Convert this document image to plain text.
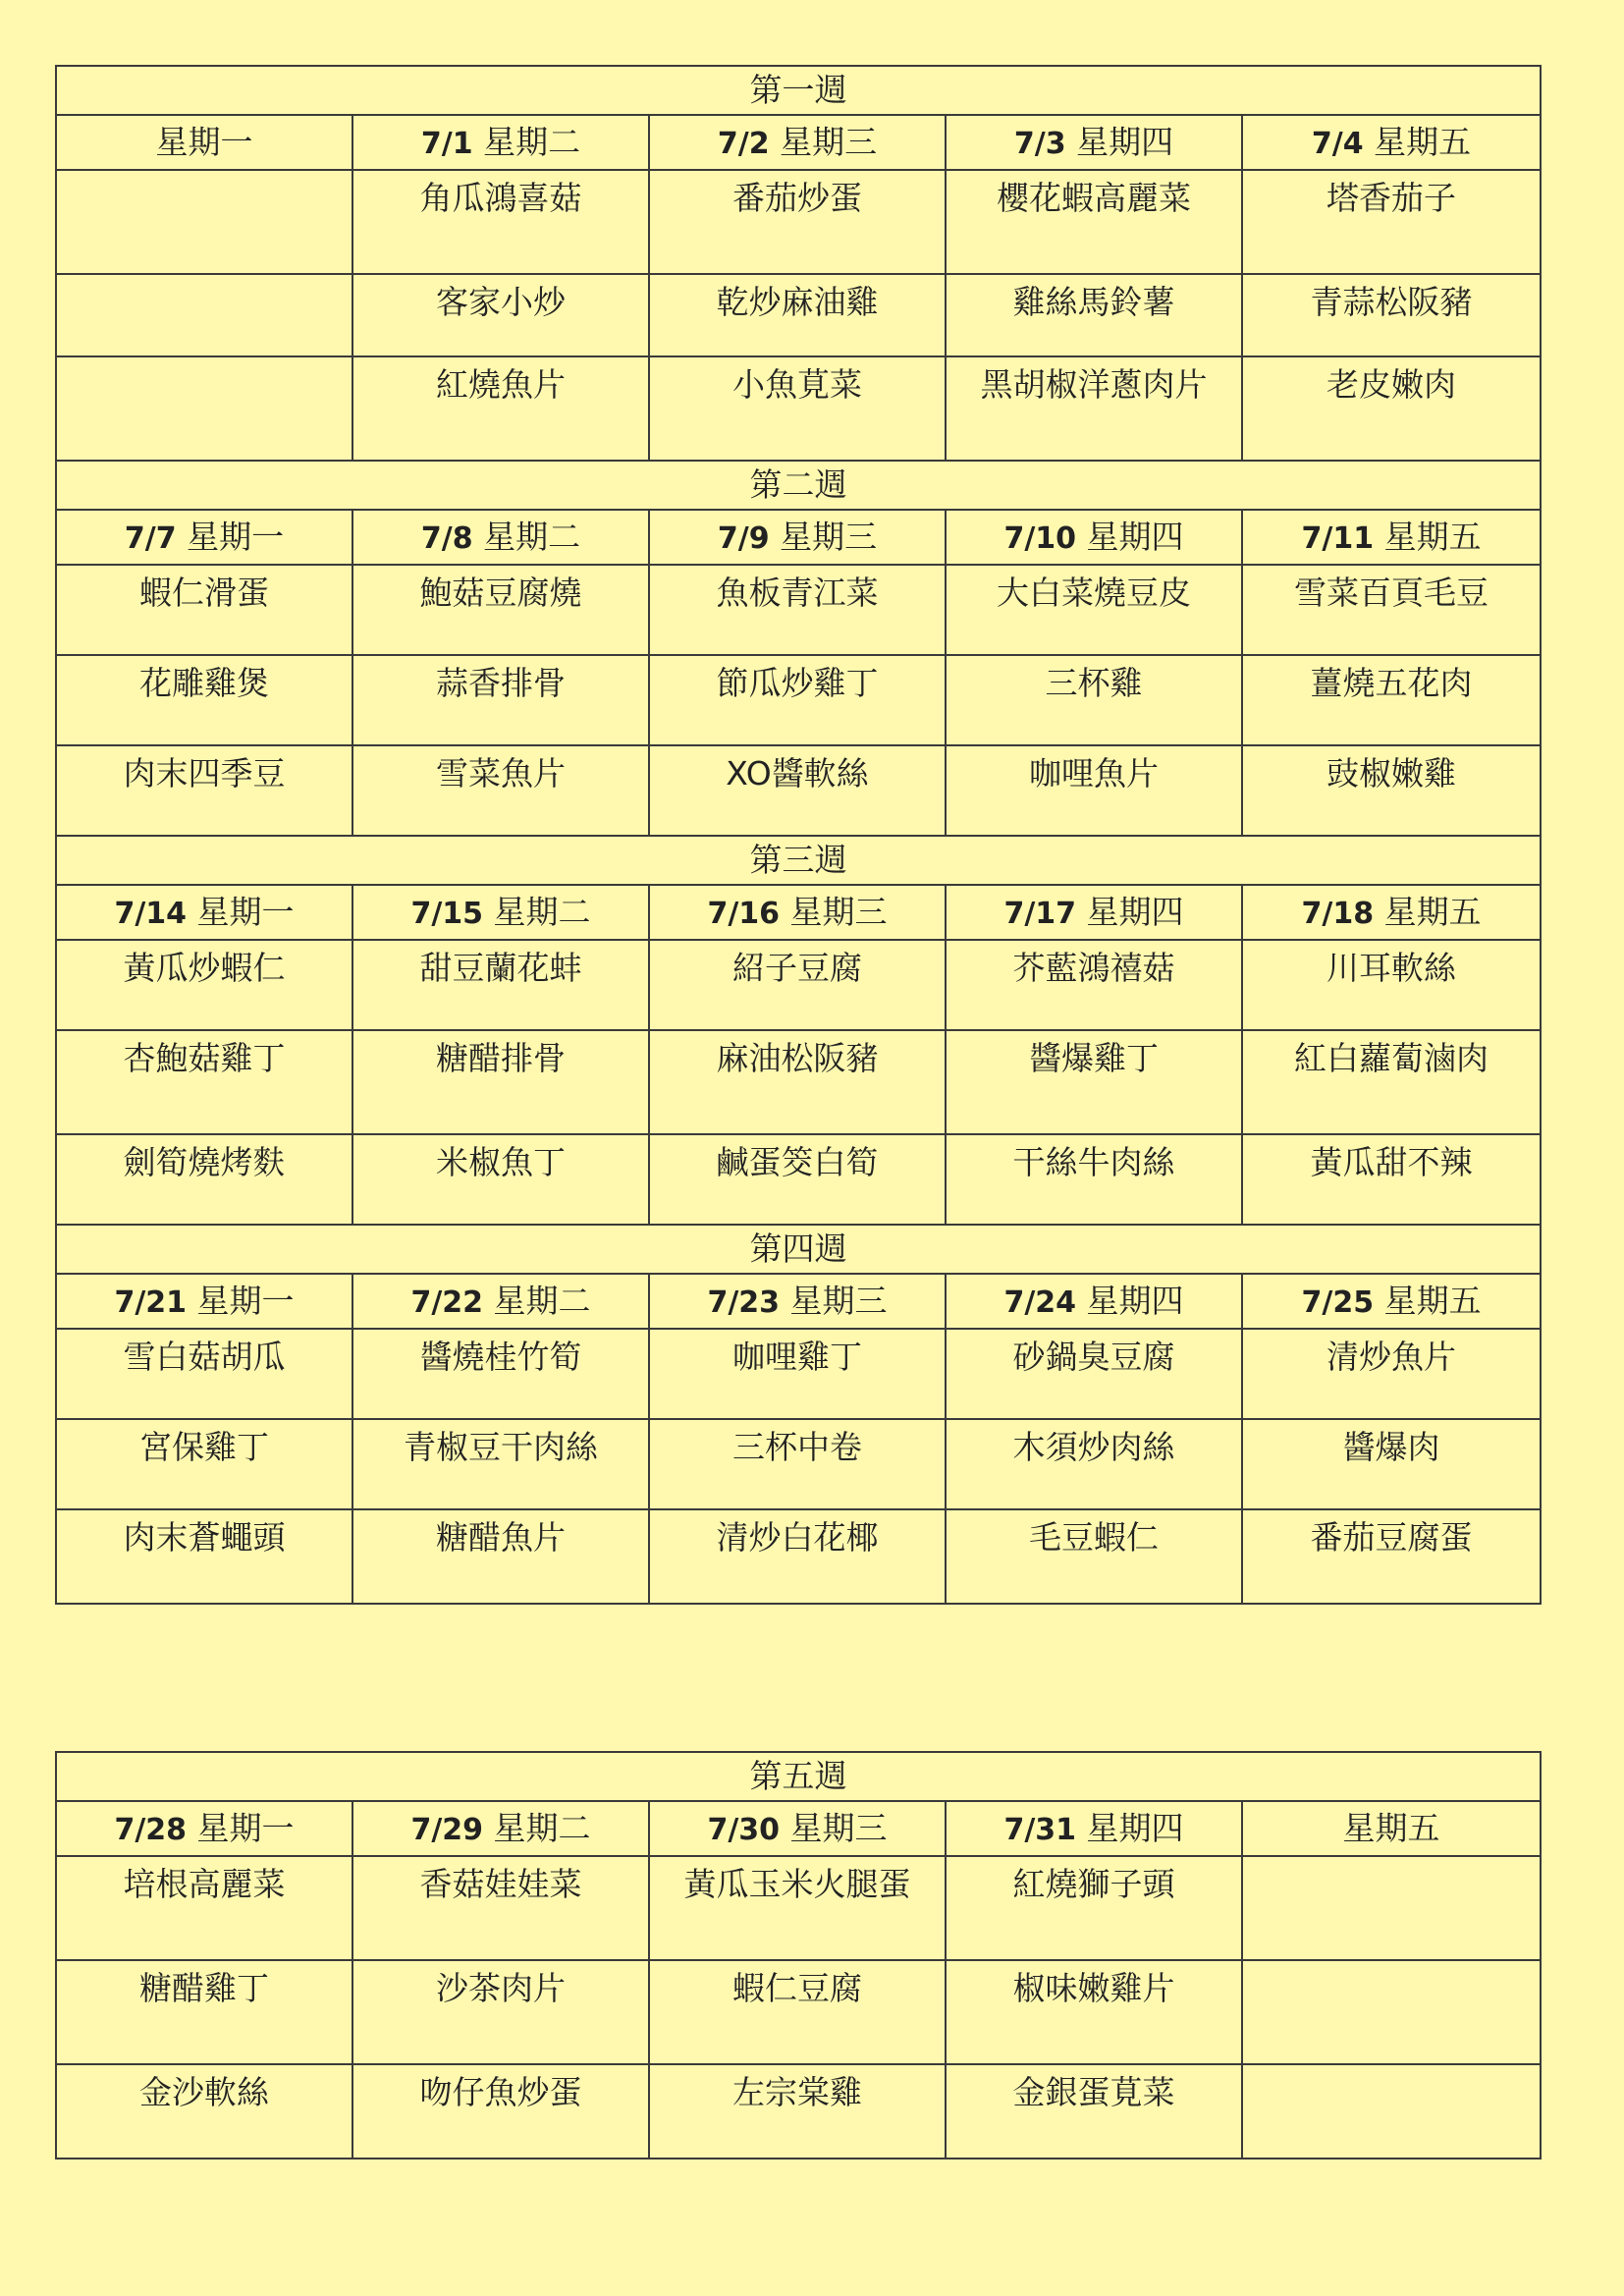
第一週				
星期一	7/1 星期二	7/2 星期三	7/3 星期四	7/4 星期五
	角瓜鴻喜菇	番茄炒蛋	櫻花蝦高麗菜	塔香茄子
	客家小炒	乾炒麻油雞	雞絲馬鈴薯	青蒜松阪豬
	紅燒魚片	小魚莧菜	黑胡椒洋蔥肉片	老皮嫩肉
第二週				
7/7 星期一	7/8 星期二	7/9 星期三	7/10 星期四	7/11 星期五
蝦仁滑蛋	鮑菇豆腐燒	魚板青江菜	大白菜燒豆皮	雪菜百頁毛豆
花雕雞煲	蒜香排骨	節瓜炒雞丁	三杯雞	薑燒五花肉
肉末四季豆	雪菜魚片	XO醬軟絲	咖哩魚片	豉椒嫩雞
第三週				
7/14 星期一	7/15 星期二	7/16 星期三	7/17 星期四	7/18 星期五
黃瓜炒蝦仁	甜豆蘭花蚌	紹子豆腐	芥藍鴻禧菇	川耳軟絲
杏鮑菇雞丁	糖醋排骨	麻油松阪豬	醬爆雞丁	紅白蘿蔔滷肉
劍筍燒烤麩	米椒魚丁	鹹蛋筊白筍	干絲牛肉絲	黃瓜甜不辣
第四週				
7/21 星期一	7/22 星期二	7/23 星期三	7/24 星期四	7/25 星期五
雪白菇胡瓜	醬燒桂竹筍	咖哩雞丁	砂鍋臭豆腐	清炒魚片
宮保雞丁	青椒豆干肉絲	三杯中卷	木須炒肉絲	醬爆肉
肉末蒼蠅頭	糖醋魚片	清炒白花椰	毛豆蝦仁	番茄豆腐蛋
第五週				
7/28 星期一	7/29 星期二	7/30 星期三	7/31 星期四	星期五
培根高麗菜	香菇娃娃菜	黃瓜玉米火腿蛋	紅燒獅子頭	
糖醋雞丁	沙茶肉片	蝦仁豆腐	椒味嫩雞片	
金沙軟絲	吻仔魚炒蛋	左宗棠雞	金銀蛋莧菜	
